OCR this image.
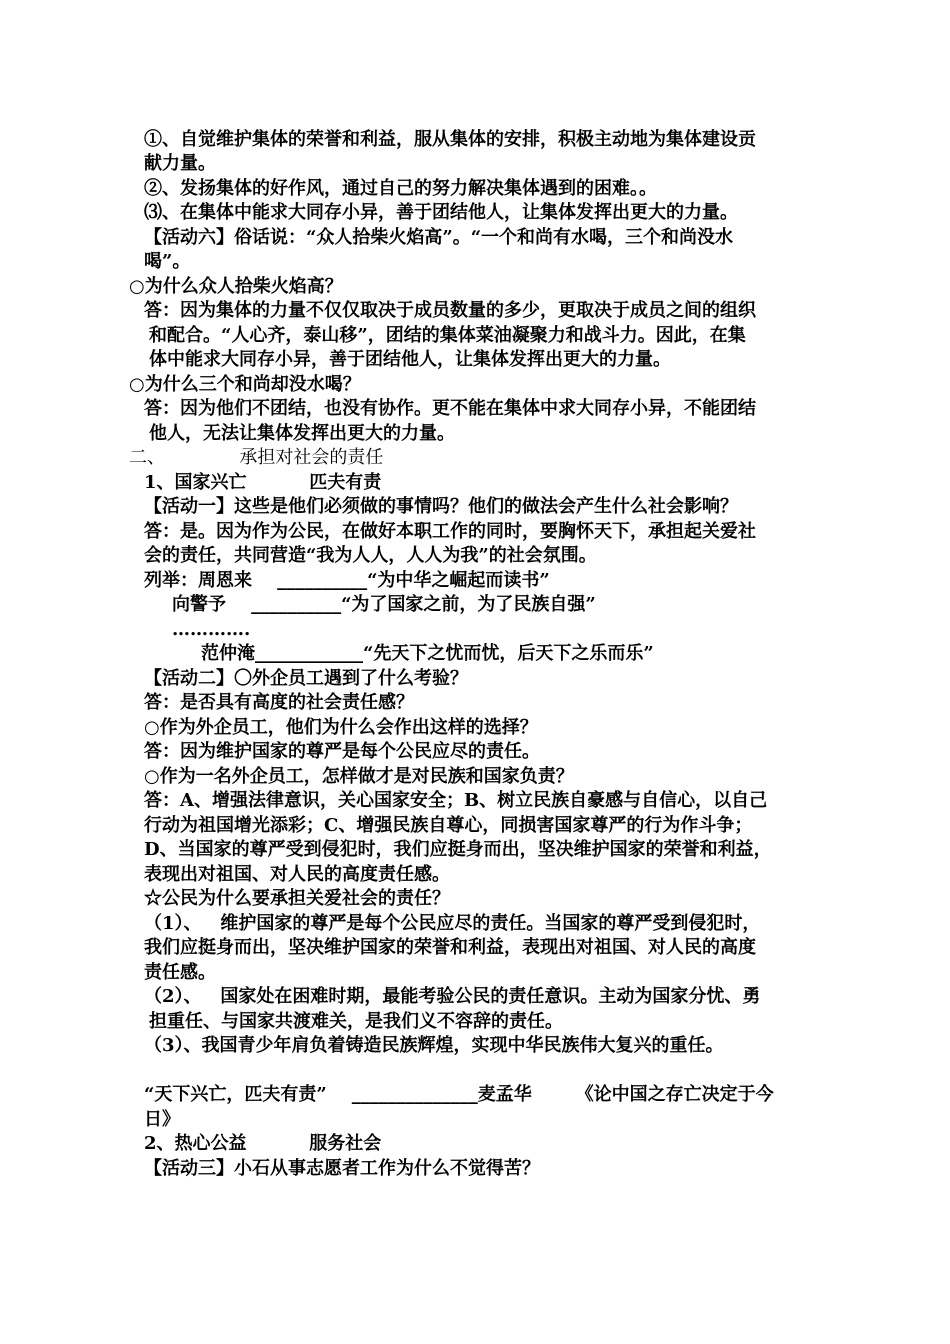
①、自觉维护集体的荣誉和利益，服从集体的安排，积极主动地为集体建设贡
献力量。
②、发扬集体的好作风，通过自己的努力解决集体遇到的困难。。
⑶、在集体中能求大同存小异，善于团结他人，让集体发挥出更大的力量。
【活动六】俗话说：“众人拾柴火焰高”。“一个和尚有水喝，三个和尚没水
喝”。
○为什么众人拾柴火焰高？
答：因为集体的力量不仅仅取决于成员数量的多少，更取决于成员之间的组织
和配合。“人心齐，泰山移”，团结的集体菜油凝聚力和战斗力。因此，在集
体中能求大同存小异，善于团结他人，让集体发挥出更大的力量。
○为什么三个和尚却没水喝？
答：因为他们不团结，也没有协作。更不能在集体中求大同存小异，不能团结
他人，无法让集体发挥出更大的力量。
二、             承担对社会的责任
1、国家兴亡          匹夫有责
【活动一】这些是他们必须做的事情吗？他们的做法会产生什么社会影响？
答：是。因为作为公民，在做好本职工作的同时，要胸怀天下，承担起关爱社
会的责任，共同营造“我为人人，人人为我”的社会氛围。
列举：周恩来    __________“为中华之崛起而读书”
向警予    __________“为了国家之前，为了民族自强”
………….
范仲淹____________“先天下之忧而忧，后天下之乐而乐”
【活动二】〇外企员工遇到了什么考验？
答：是否具有高度的社会责任感？
○作为外企员工，他们为什么会作出这样的选择？
答：因为维护国家的尊严是每个公民应尽的责任。
○作为一名外企员工，怎样做才是对民族和国家负责？
答：A、增强法律意识，关心国家安全；B、树立民族自豪感与自信心，以自己
行动为祖国增光添彩；C、增强民族自尊心，同损害国家尊严的行为作斗争；
D、当国家的尊严受到侵犯时，我们应挺身而出，坚决维护国家的荣誉和利益，
表现出对祖国、对人民的高度责任感。
☆公民为什么要承担关爱社会的责任？
（1）、   维护国家的尊严是每个公民应尽的责任。当国家的尊严受到侵犯时，
我们应挺身而出，坚决维护国家的荣誉和利益，表现出对祖国、对人民的高度
责任感。
（2）、   国家处在困难时期，最能考验公民的责任意识。主动为国家分忧、勇
担重任、与国家共渡难关，是我们义不容辞的责任。
（3）、我国青少年肩负着铸造民族辉煌，实现中华民族伟大复兴的重任。
“天下兴亡，匹夫有责”    ______________麦孟华       《论中国之存亡决定于今
日》
2、热心公益          服务社会
【活动三】小石从事志愿者工作为什么不觉得苦？
